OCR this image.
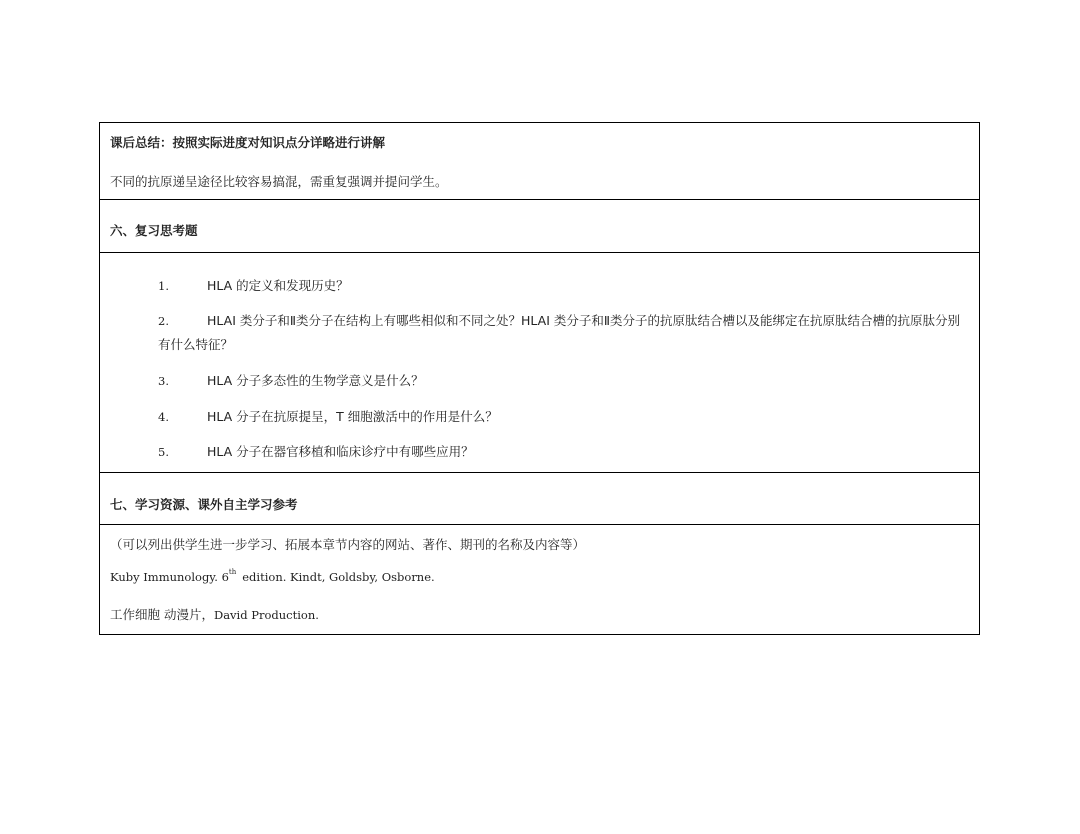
课后总结：按照实际进度对知识点分详略进行讲解
不同的抗原递呈途径比较容易搞混，需重复强调并提问学生。
六、复习思考题
1.	HLA 的定义和发现历史？
2.	HLAI 类分子和Ⅱ类分子在结构上有哪些相似和不同之处？HLAI 类分子和Ⅱ类分子的抗原肽结合槽以及能绑定在抗原肽结合槽的抗原肽分别有什么特征？
3.	HLA 分子多态性的生物学意义是什么？
4.	HLA 分子在抗原提呈，T 细胞激活中的作用是什么？
5.	HLA 分子在器官移植和临床诊疗中有哪些应用？
七、学习资源、课外自主学习参考
（可以列出供学生进一步学习、拓展本章节内容的网站、著作、期刊的名称及内容等）
Kuby Immunology. 6th edition. Kindt, Goldsby, Osborne.
工作细胞 动漫片，David Production.
